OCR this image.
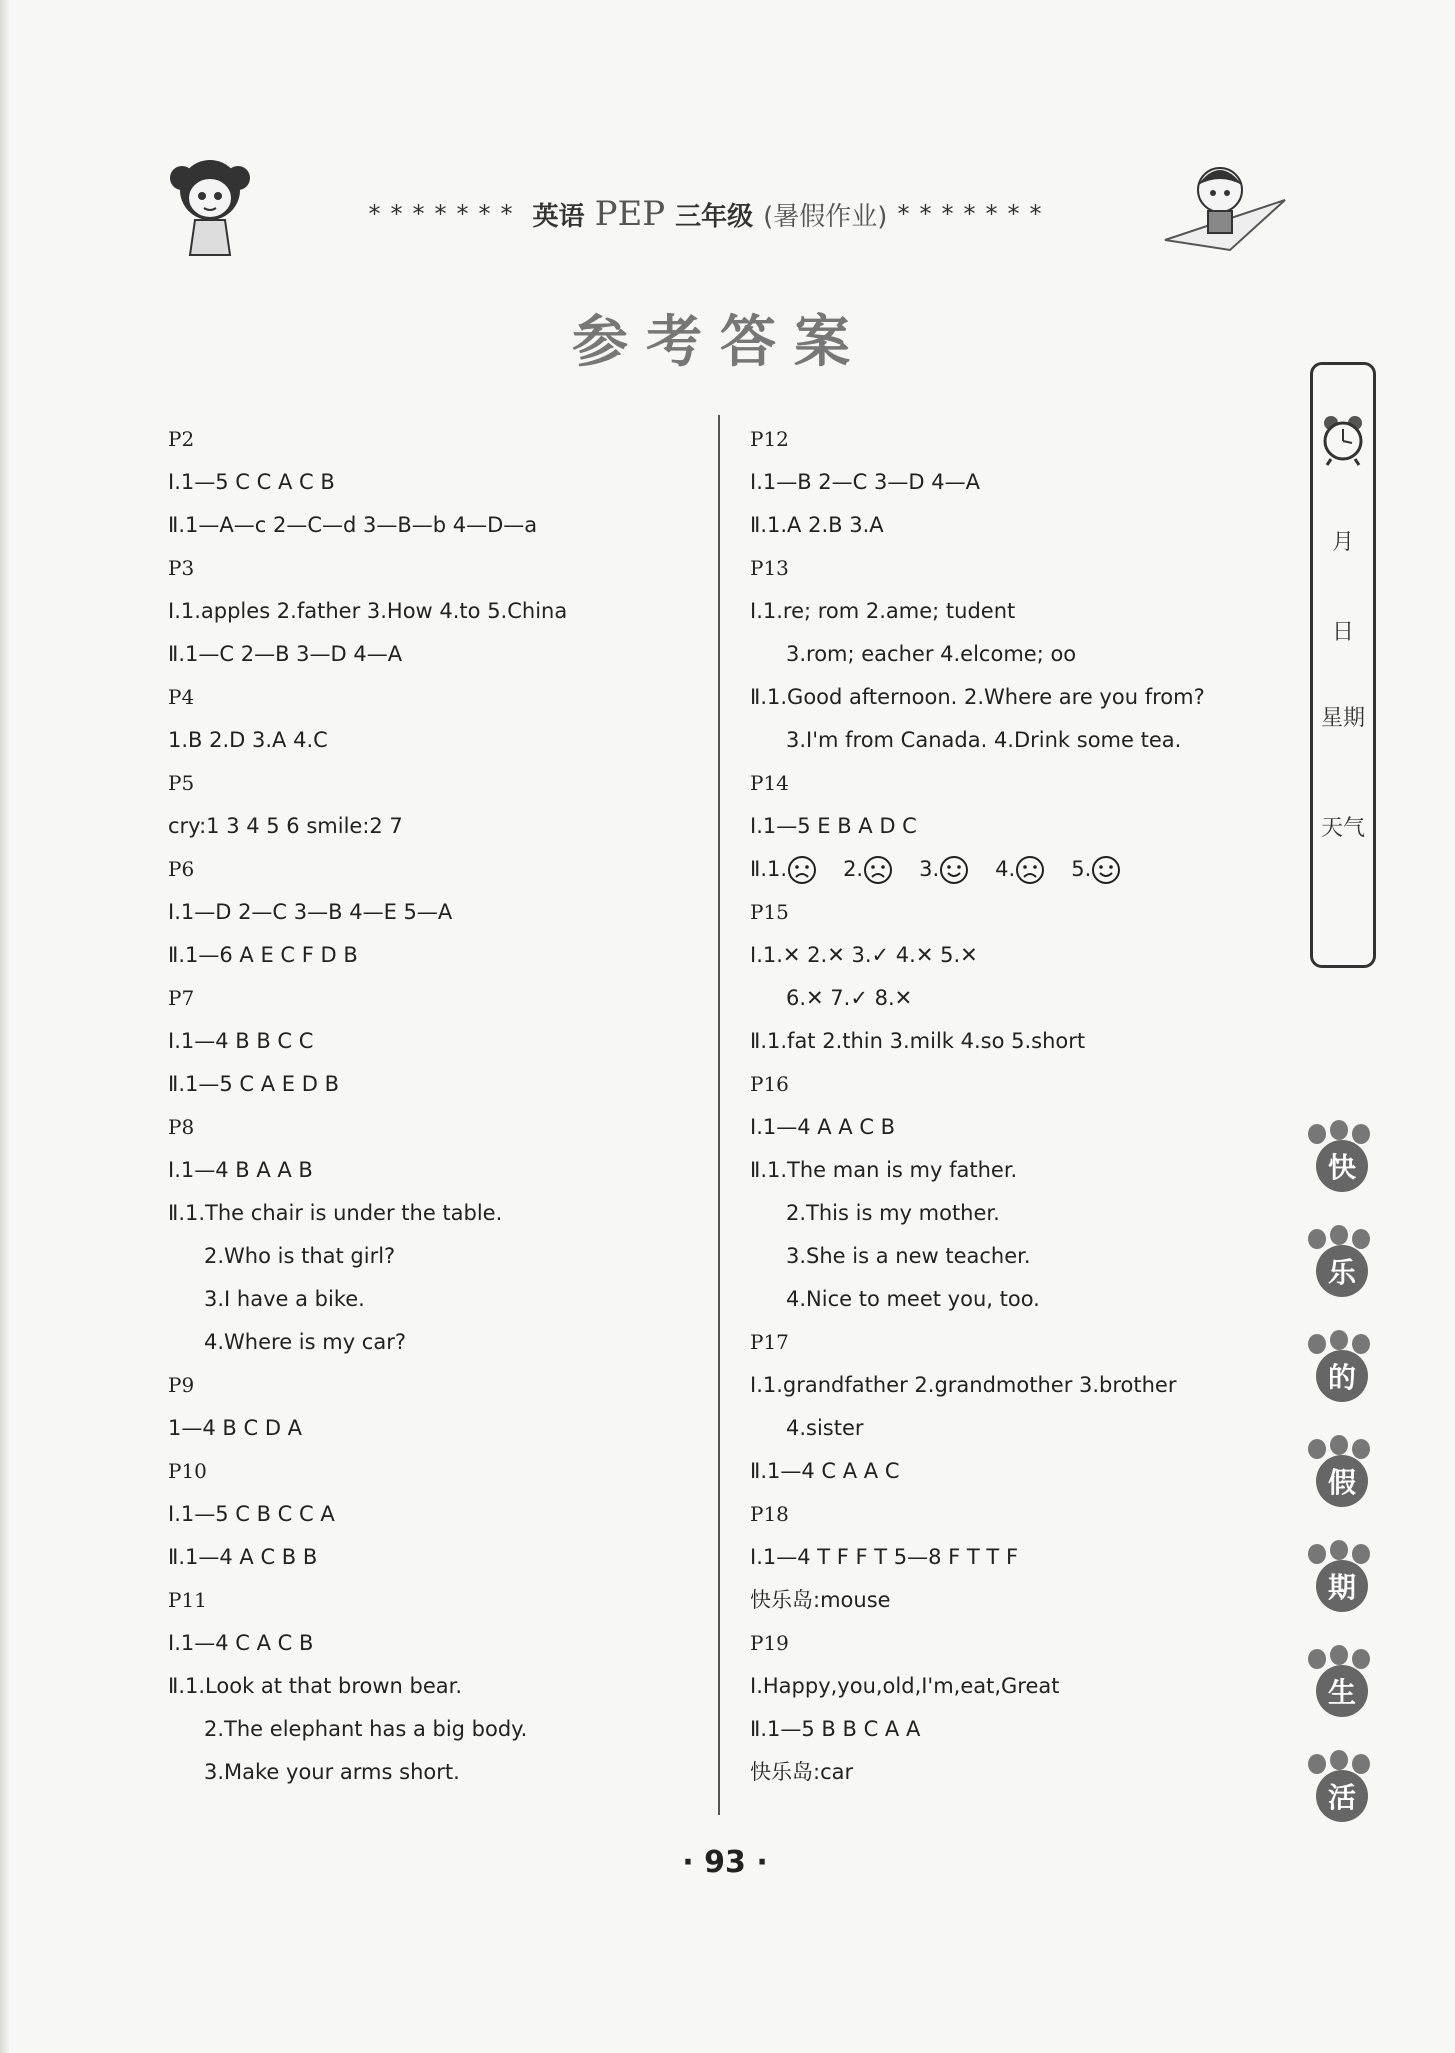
******* 英语 PEP 三年级 (暑假作业) *******
参考答案
P2
Ⅰ.1—5 C C A C B
Ⅱ.1—A—c 2—C—d 3—B—b 4—D—a
P3
Ⅰ.1.apples 2.father 3.How 4.to 5.China
Ⅱ.1—C 2—B 3—D 4—A
P4
1.B 2.D 3.A 4.C
P5
cry:1 3 4 5 6 smile:2 7
P6
Ⅰ.1—D 2—C 3—B 4—E 5—A
Ⅱ.1—6 A E C F D B
P7
Ⅰ.1—4 B B C C
Ⅱ.1—5 C A E D B
P8
Ⅰ.1—4 B A A B
Ⅱ.1.The chair is under the table.
2.Who is that girl?
3.I have a bike.
4.Where is my car?
P9
1—4 B C D A
P10
Ⅰ.1—5 C B C C A
Ⅱ.1—4 A C B B
P11
Ⅰ.1—4 C A C B
Ⅱ.1.Look at that brown bear.
2.The elephant has a big body.
3.Make your arms short.
P12
Ⅰ.1—B 2—C 3—D 4—A
Ⅱ.1.A 2.B 3.A
P13
Ⅰ.1.re; rom 2.ame; tudent
3.rom; eacher 4.elcome; oo
Ⅱ.1.Good afternoon. 2.Where are you from?
3.I'm from Canada. 4.Drink some tea.
P14
Ⅰ.1—5 E B A D C
Ⅱ.1.	2.	3.	4.	5.
P15
Ⅰ.1.✕ 2.✕ 3.✓ 4.✕ 5.✕
6.✕ 7.✓ 8.✕
Ⅱ.1.fat 2.thin 3.milk 4.so 5.short
P16
Ⅰ.1—4 A A C B
Ⅱ.1.The man is my father.
2.This is my mother.
3.She is a new teacher.
4.Nice to meet you, too.
P17
Ⅰ.1.grandfather 2.grandmother 3.brother
4.sister
Ⅱ.1—4 C A A C
P18
Ⅰ.1—4 T F F T 5—8 F T T F
快乐岛:mouse
P19
Ⅰ.Happy,you,old,I'm,eat,Great
Ⅱ.1—5 B B C A A
快乐岛:car
月
日
星期
天气
快
乐
的
假
期
生
活
· 93 ·
